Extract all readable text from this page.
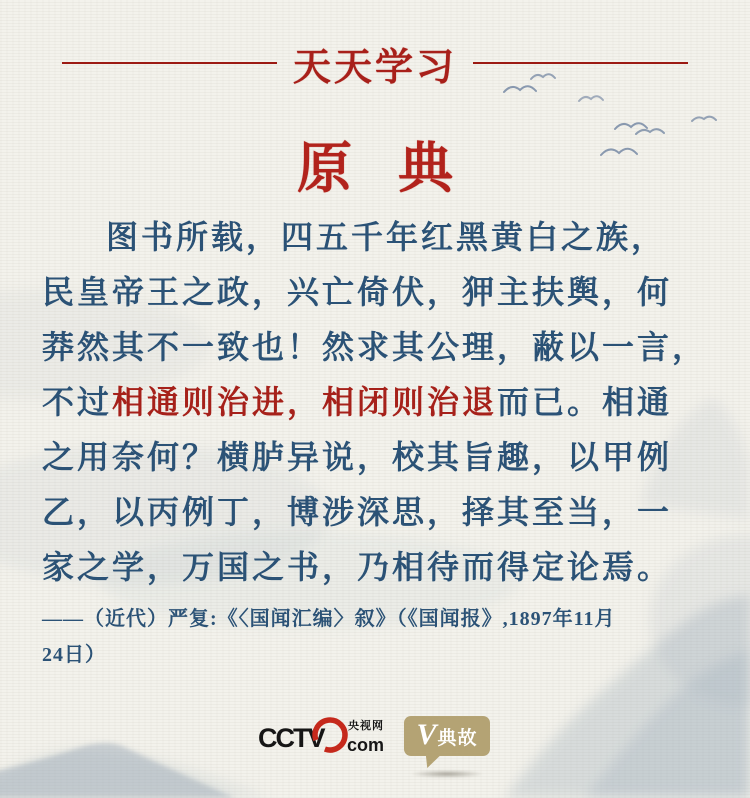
天天学习
原典
图书所载，四五千年红黑黄白之族，
民皇帝王之政，兴亡倚伏，狎主扶舆，何
莽然其不一致也！然求其公理，蔽以一言，
不过相通则治进，相闭则治退而已。相通
之用奈何？横胪异说，校其旨趣，以甲例
乙，以丙例丁，博涉深思，择其至当，一
家之学，万国之书，乃相待而得定论焉。
——（近代）严复:《〈国闻汇编〉叙》（《国闻报》,1897年11月
24日）
CCTV 央视网
com V 典故
